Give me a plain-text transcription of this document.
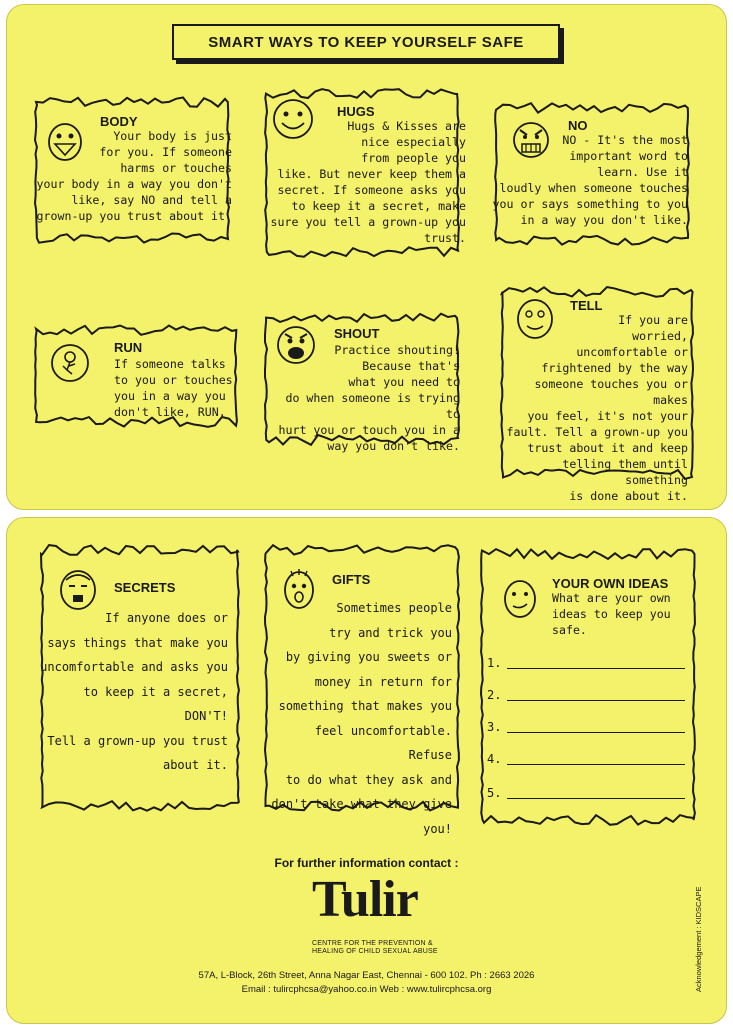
SMART WAYS TO KEEP YOURSELF SAFE
BODY
Your body is just
for you. If someone
harms or touches
your body in a way you don't
like, say NO and tell a
grown-up you trust about it.
HUGS
Hugs & Kisses are
nice especially
from people you
like. But never keep them a
secret. If someone asks you
to keep it a secret, make
sure you tell a grown-up you
trust.
NO
NO - It's the most
important word to
learn. Use it
loudly when someone touches
you or says something to you
in a way you don't like.
RUN
If someone talks
to you or touches
you in a way you
don't like, RUN.
SHOUT
Practice shouting!
Because that's
what you need to
do when someone is trying to
hurt you or touch you in a
way you don't like.
TELL
If you are
worried,
uncomfortable or
frightened by the way
someone touches you or makes
you feel, it's not your
fault. Tell a grown-up you
trust about it and keep
telling them until something
is done about it.
SECRETS
If anyone does or
says things that make you
uncomfortable and asks you
to keep it a secret, DON'T!
Tell a grown-up you trust
about it.
GIFTS
Sometimes people
try and trick you
by giving you sweets or
money in return for
something that makes you
feel uncomfortable. Refuse
to do what they ask and
don't take what they give
you!
YOUR OWN IDEAS
What are your own
ideas to keep you
safe.
1.
2.
3.
4.
5.
For further information contact :
Tulir
CENTRE FOR THE PREVENTION &
HEALING OF CHILD SEXUAL ABUSE
57A, L-Block, 26th Street, Anna Nagar East, Chennai - 600 102. Ph : 2663 2026
Email : tulircphcsa@yahoo.co.in Web : www.tulircphcsa.org	Acknowledgement : KIDSCAPE
